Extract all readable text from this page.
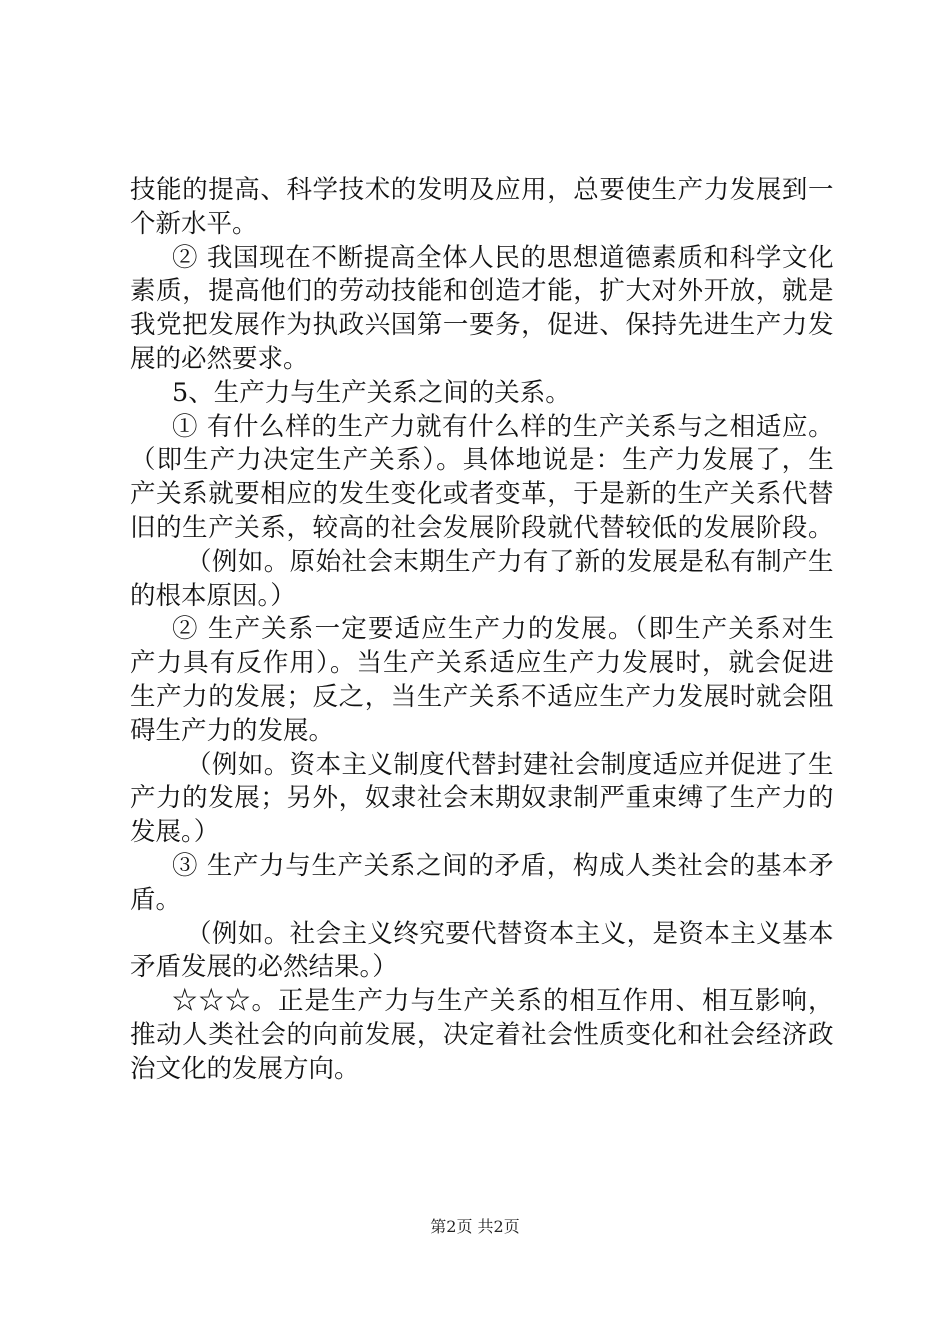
技能的提高、科学技术的发明及应用，总要使生产力发展到一
个新水平。
② 我国现在不断提高全体人民的思想道德素质和科学文化
素质，提高他们的劳动技能和创造才能，扩大对外开放，就是
我党把发展作为执政兴国第一要务，促进、保持先进生产力发
展的必然要求。
5、生产力与生产关系之间的关系。
① 有什么样的生产力就有什么样的生产关系与之相适应。
（即生产力决定生产关系）。具体地说是：生产力发展了，生
产关系就要相应的发生变化或者变革，于是新的生产关系代替
旧的生产关系，较高的社会发展阶段就代替较低的发展阶段。
（例如。原始社会末期生产力有了新的发展是私有制产生
的根本原因。）
② 生产关系一定要适应生产力的发展。（即生产关系对生
产力具有反作用）。当生产关系适应生产力发展时，就会促进
生产力的发展；反之，当生产关系不适应生产力发展时就会阻
碍生产力的发展。
（例如。资本主义制度代替封建社会制度适应并促进了生
产力的发展；另外，奴隶社会末期奴隶制严重束缚了生产力的
发展。）
③ 生产力与生产关系之间的矛盾，构成人类社会的基本矛
盾。
（例如。社会主义终究要代替资本主义，是资本主义基本
矛盾发展的必然结果。）
☆☆☆。正是生产力与生产关系的相互作用、相互影响，
推动人类社会的向前发展，决定着社会性质变化和社会经济政
治文化的发展方向。
第2页 共2页
